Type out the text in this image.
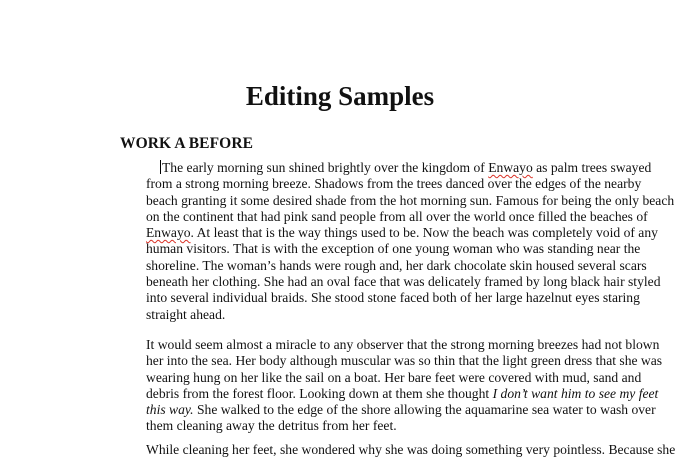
Editing Samples
WORK A BEFORE
The early morning sun shined brightly over the kingdom of Enwayo as palm trees swayed
from a strong morning breeze. Shadows from the trees danced over the edges of the nearby
beach granting it some desired shade from the hot morning sun. Famous for being the only beach
on the continent that had pink sand people from all over the world once filled the beaches of
Enwayo. At least that is the way things used to be. Now the beach was completely void of any
human visitors. That is with the exception of one young woman who was standing near the
shoreline. The woman’s hands were rough and, her dark chocolate skin housed several scars
beneath her clothing. She had an oval face that was delicately framed by long black hair styled
into several individual braids. She stood stone faced both of her large hazelnut eyes staring
straight ahead.
It would seem almost a miracle to any observer that the strong morning breezes had not blown
her into the sea. Her body although muscular was so thin that the light green dress that she was
wearing hung on her like the sail on a boat. Her bare feet were covered with mud, sand and
debris from the forest floor. Looking down at them she thought I don’t want him to see my feet
this way. She walked to the edge of the shore allowing the aquamarine sea water to wash over
them cleaning away the detritus from her feet.
While cleaning her feet, she wondered why she was doing something very pointless. Because she
